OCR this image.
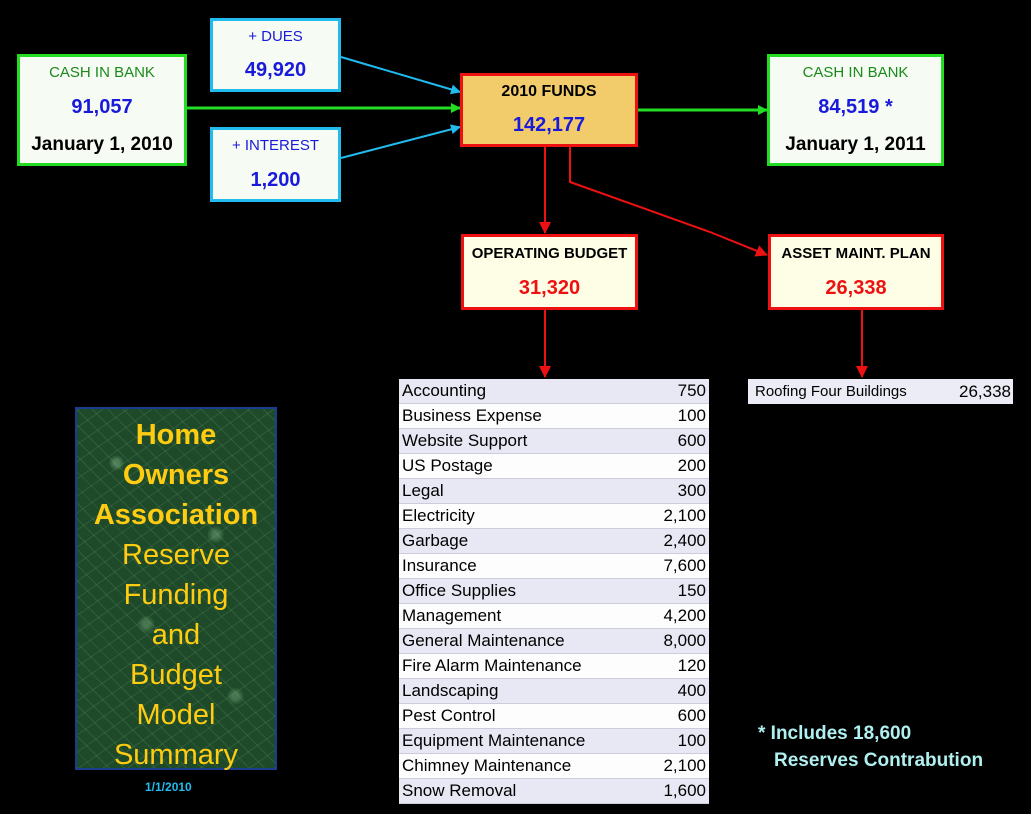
CASH IN BANK
91,057
January 1, 2010
+ DUES
49,920
+ INTEREST
1,200
2010 FUNDS
142,177
CASH IN BANK
84,519 *
January 1, 2011
OPERATING BUDGET
31,320
ASSET MAINT. PLAN
26,338
Accounting	750
Business Expense	100
Website Support	600
US Postage	200
Legal	300
Electricity	2,100
Garbage	2,400
Insurance	7,600
Office Supplies	150
Management	4,200
General Maintenance	8,000
Fire Alarm Maintenance	120
Landscaping	400
Pest Control	600
Equipment Maintenance	100
Chimney Maintenance	2,100
Snow Removal	1,600
Roofing Four Buildings	26,338
Home
Owners
Association
Reserve
Funding
and
Budget
Model
Summary
1/1/2010
* Includes 18,600
Reserves Contrabution
